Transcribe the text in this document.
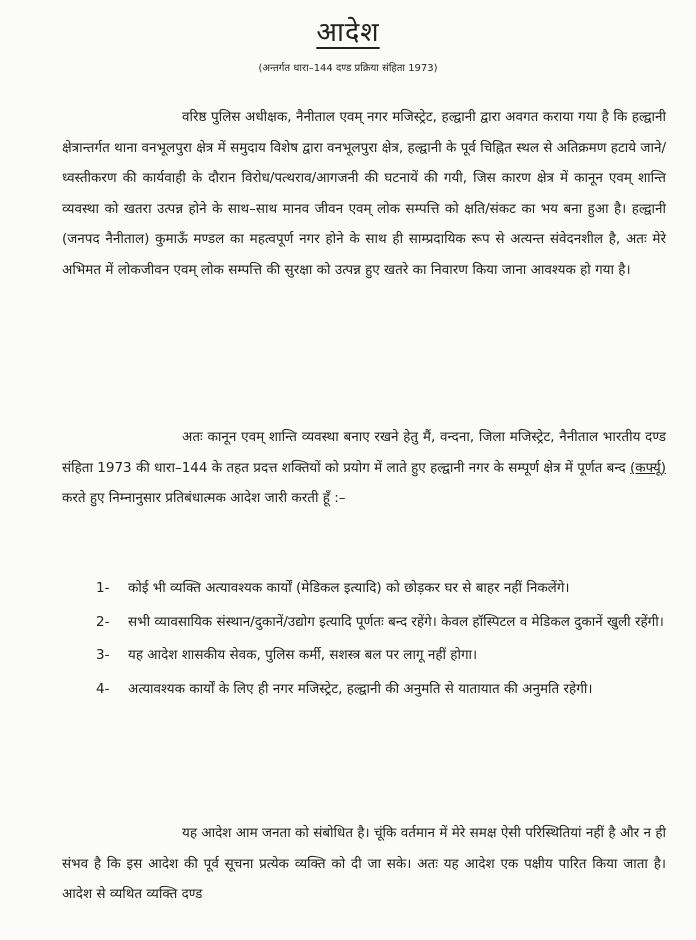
आदेश
(अन्तर्गत धारा–144 दण्ड प्रक्रिया संहिता 1973)

वरिष्ठ पुलिस अधीक्षक, नैनीताल एवम् नगर मजिस्ट्रेट, हल्द्वानी द्वारा अवगत कराया गया है कि हल्द्वानी क्षेत्रान्तर्गत थाना वनभूलपुरा क्षेत्र में समुदाय विशेष द्वारा वनभूलपुरा क्षेत्र, हल्द्वानी के पूर्व चिह्नित स्थल से अतिक्रमण हटाये जाने/ध्वस्तीकरण की कार्यवाही के दौरान विरोध/पत्थराव/आगजनी की घटनायें की गयी, जिस कारण क्षेत्र में कानून एवम् शान्ति व्यवस्था को खतरा उत्पन्न होने के साथ–साथ मानव जीवन एवम् लोक सम्पत्ति को क्षति/संकट का भय बना हुआ है। हल्द्वानी (जनपद नैनीताल) कुमाऊँ मण्डल का महत्वपूर्ण नगर होने के साथ ही साम्प्रदायिक रूप से अत्यन्त संवेदनशील है, अतः मेरे अभिमत में लोकजीवन एवम् लोक सम्पत्ति की सुरक्षा को उत्पन्न हुए खतरे का निवारण किया जाना आवश्यक हो गया है।

अतः कानून एवम् शान्ति व्यवस्था बनाए रखने हेतु मैं, वन्दना, जिला मजिस्ट्रेट, नैनीताल भारतीय दण्ड संहिता 1973 की धारा–144 के तहत प्रदत्त शक्तियों को प्रयोग में लाते हुए हल्द्वानी नगर के सम्पूर्ण क्षेत्र में पूर्णत बन्द (कर्फ्यू) करते हुए निम्नानुसार प्रतिबंधात्मक आदेश जारी करती हूँ :–

1- कोई भी व्यक्ति अत्यावश्यक कार्यों (मेडिकल इत्यादि) को छोड़कर घर से बाहर नहीं निकलेंगे।
2- सभी व्यावसायिक संस्थान/दुकानें/उद्योग इत्यादि पूर्णतः बन्द रहेंगे। केवल हॉस्पिटल व मेडिकल दुकानें खुली रहेंगी।
3- यह आदेश शासकीय सेवक, पुलिस कर्मी, सशस्त्र बल पर लागू नहीं होगा।
4- अत्यावश्यक कार्यों के लिए ही नगर मजिस्ट्रेट, हल्द्वानी की अनुमति से यातायात की अनुमति रहेगी।

यह आदेश आम जनता को संबोधित है। चूंकि वर्तमान में मेरे समक्ष ऐसी परिस्थितियां नहीं है और न ही संभव है कि इस आदेश की पूर्व सूचना प्रत्येक व्यक्ति को दी जा सके। अतः यह आदेश एक पक्षीय पारित किया जाता है। आदेश से व्यथित व्यक्ति दण्ड
